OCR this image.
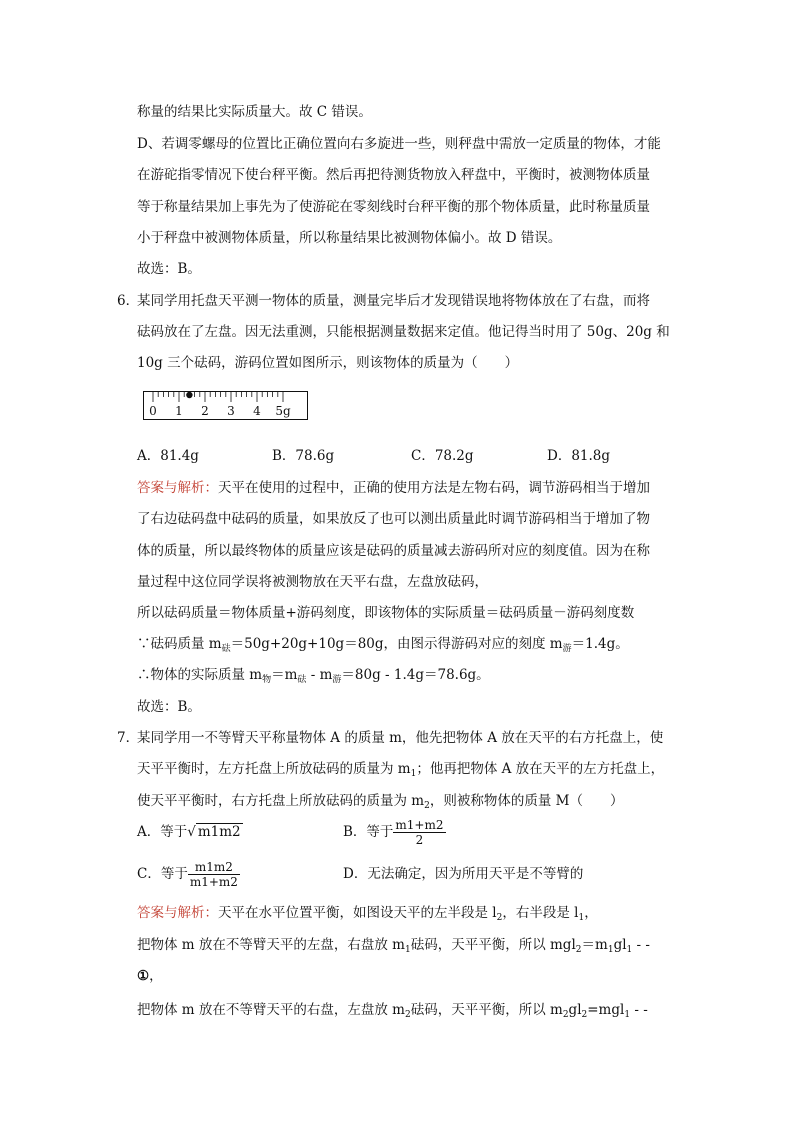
称量的结果比实际质量大。故 C 错误。
D、若调零螺母的位置比正确位置向右多旋进一些，则秤盘中需放一定质量的物体，才能
在游砣指零情况下使台秤平衡。然后再把待测货物放入秤盘中，平衡时，被测物体质量
等于称量结果加上事先为了使游砣在零刻线时台秤平衡的那个物体质量，此时称量质量
小于秤盘中被测物体质量，所以称量结果比被测物体偏小。故 D 错误。
故选：B。
6．
某同学用托盘天平测一物体的质量，测量完毕后才发现错误地将物体放在了右盘，而将
砝码放在了左盘。因无法重测，只能根据测量数据来定值。他记得当时用了 50g、20g 和
10g 三个砝码，游码位置如图所示，则该物体的质量为（　　）
0 1 2 3 4 5g
A．81.4g	B．78.6g	C．78.2g	D．81.8g
答案与解析：天平在使用的过程中，正确的使用方法是左物右码，调节游码相当于增加
了右边砝码盘中砝码的质量，如果放反了也可以测出质量此时调节游码相当于增加了物
体的质量，所以最终物体的质量应该是砝码的质量减去游码所对应的刻度值。因为在称
量过程中这位同学误将被测物放在天平右盘，左盘放砝码，
所以砝码质量＝物体质量+游码刻度，即该物体的实际质量＝砝码质量－游码刻度数
∵砝码质量 $m_砝=50g+20g+10g=80g$，由图示得游码对应的刻度 $m_游=1.4g$。
∴物体的实际质量 $m_物=m_砝 - m_游=80g - 1.4g=78.6g$。
故选：B。
7．
某同学用一不等臂天平称量物体 A 的质量 m，他先把物体 A 放在天平的右方托盘上，使
天平平衡时，左方托盘上所放砝码的质量为 $m_1$；他再把物体 A 放在天平的左方托盘上，
使天平平衡时，右方托盘上所放砝码的质量为 $m_2$，则被称物体的质量 M（　　）
A．等于√ m1m2	B．等于 $\frac{m1+m2}{2}$
C．等于 $\frac{m1m2}{m1+m2}$	D．无法确定，因为所用天平是不等臂的
答案与解析：天平在水平位置平衡，如图设天平的左半段是 $l_2$，右半段是 $l_1$，
把物体 m 放在不等臂天平的左盘，右盘放 $m_1$砝码，天平平衡，所以 $mgl_2=m_1gl_1$ - -
①，
把物体 m 放在不等臂天平的右盘，左盘放 $m_2$砝码，天平平衡，所以 $m_2gl_2=mgl_1$ - -
